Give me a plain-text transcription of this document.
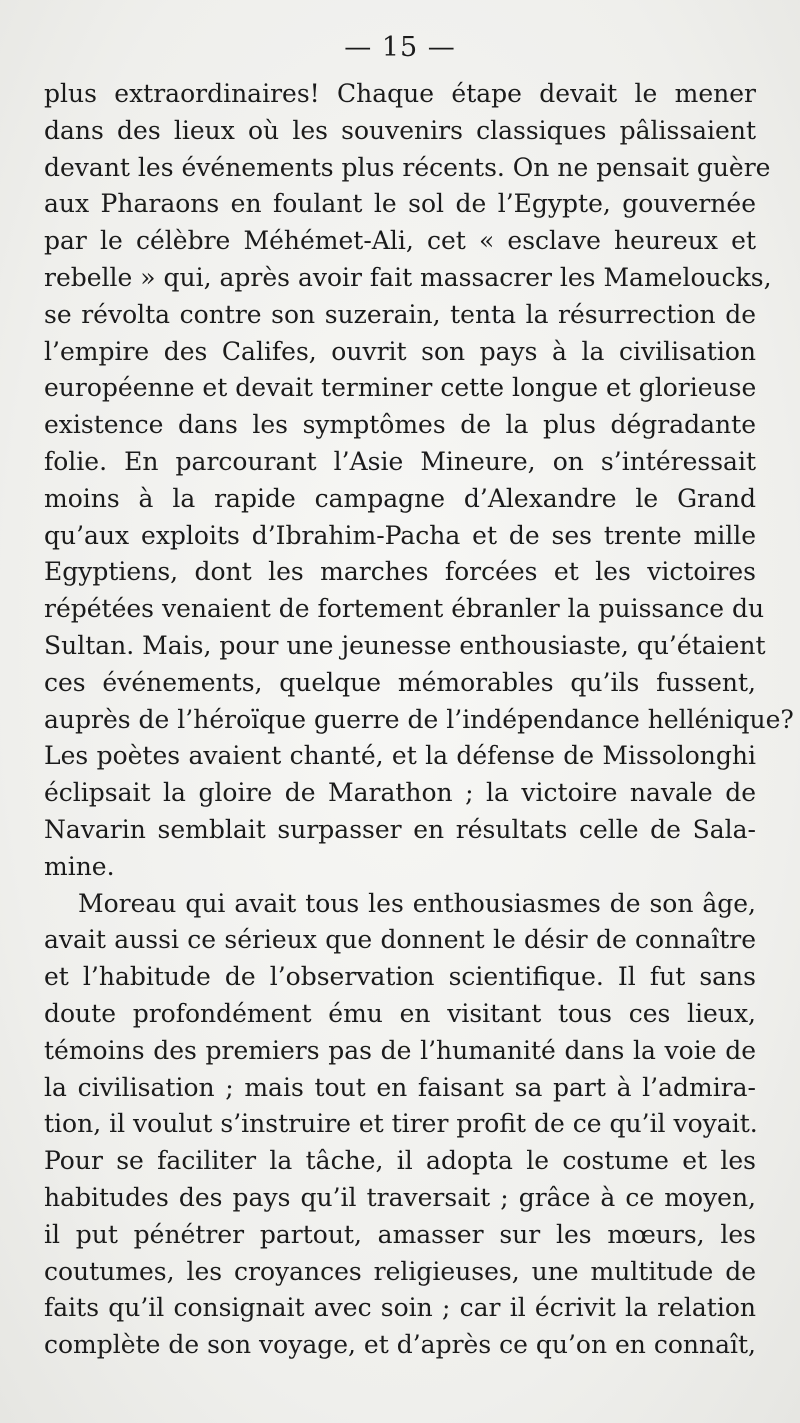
— 15 —
plus extraordinaires! Chaque étape devait le mener
dans des lieux où les souvenirs classiques pâlissaient
devant les événements plus récents. On ne pensait guère
aux Pharaons en foulant le sol de l’Egypte, gouvernée
par le célèbre Méhémet-Ali, cet « esclave heureux et
rebelle » qui, après avoir fait massacrer les Mameloucks,
se révolta contre son suzerain, tenta la résurrection de
l’empire des Califes, ouvrit son pays à la civilisation
européenne et devait terminer cette longue et glorieuse
existence dans les symptômes de la plus dégradante
folie. En parcourant l’Asie Mineure, on s’intéressait
moins à la rapide campagne d’Alexandre le Grand
qu’aux exploits d’Ibrahim-Pacha et de ses trente mille
Egyptiens, dont les marches forcées et les victoires
répétées venaient de fortement ébranler la puissance du
Sultan. Mais, pour une jeunesse enthousiaste, qu’étaient
ces événements, quelque mémorables qu’ils fussent,
auprès de l’héroïque guerre de l’indépendance hellénique?
Les poètes avaient chanté, et la défense de Missolonghi
éclipsait la gloire de Marathon ; la victoire navale de
Navarin semblait surpasser en résultats celle de Sala-
mine.
Moreau qui avait tous les enthousiasmes de son âge,
avait aussi ce sérieux que donnent le désir de connaître
et l’habitude de l’observation scientifique. Il fut sans
doute profondément ému en visitant tous ces lieux,
témoins des premiers pas de l’humanité dans la voie de
la civilisation ; mais tout en faisant sa part à l’admira-
tion, il voulut s’instruire et tirer profit de ce qu’il voyait.
Pour se faciliter la tâche, il adopta le costume et les
habitudes des pays qu’il traversait ; grâce à ce moyen,
il put pénétrer partout, amasser sur les mœurs, les
coutumes, les croyances religieuses, une multitude de
faits qu’il consignait avec soin ; car il écrivit la relation
complète de son voyage, et d’après ce qu’on en connaît,
